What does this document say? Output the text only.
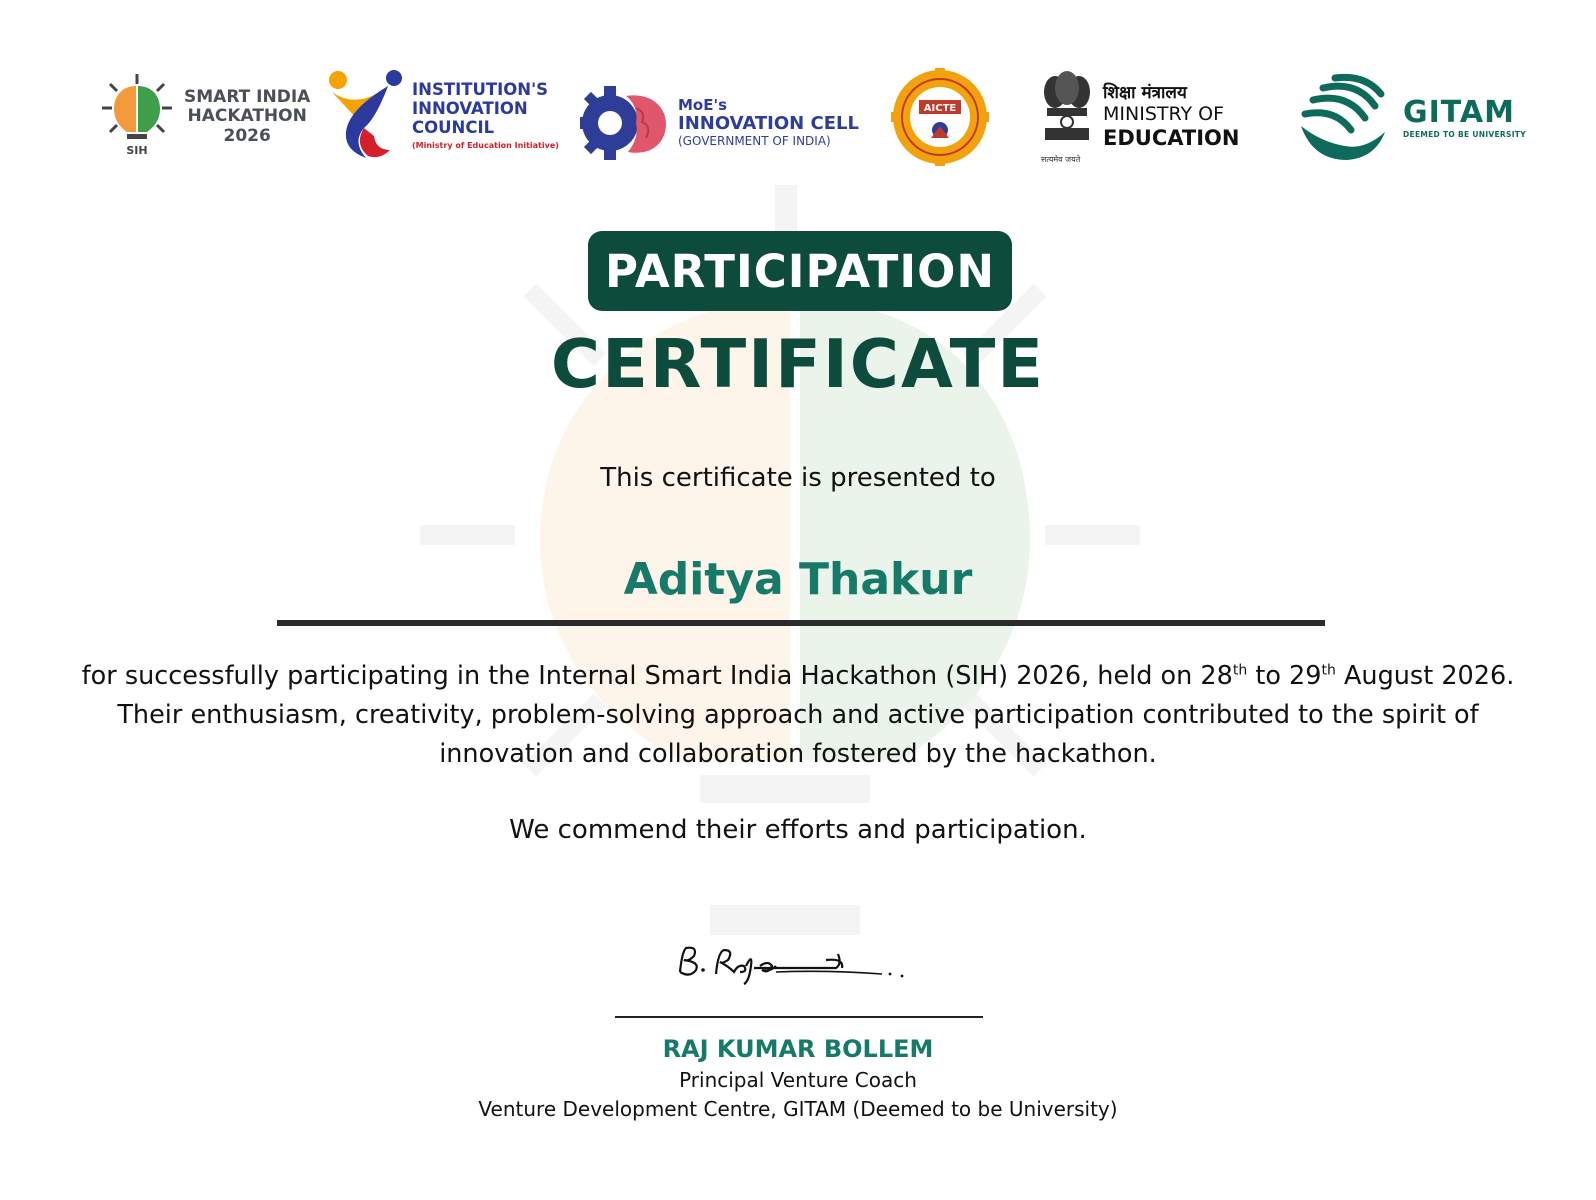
SIH
SMART INDIA
HACKATHON
2026
INSTITUTION'S
INNOVATION
COUNCIL
(Ministry of Education Initiative)
MoE's
INNOVATION CELL
(GOVERNMENT OF INDIA)
AICTE
सत्यमेव जयते
शिक्षा मंत्रालय
MINISTRY OF
EDUCATION
GITAM
DEEMED TO BE UNIVERSITY
PARTICIPATION
CERTIFICATE
This certificate is presented to
Aditya Thakur
for successfully participating in the Internal Smart India Hackathon (SIH) 2026, held on 28th to 29th August 2026.
Their enthusiasm, creativity, problem-solving approach and active participation contributed to the spirit of
innovation and collaboration fostered by the hackathon.
We commend their efforts and participation.
RAJ KUMAR BOLLEM
Principal Venture Coach
Venture Development Centre, GITAM (Deemed to be University)
